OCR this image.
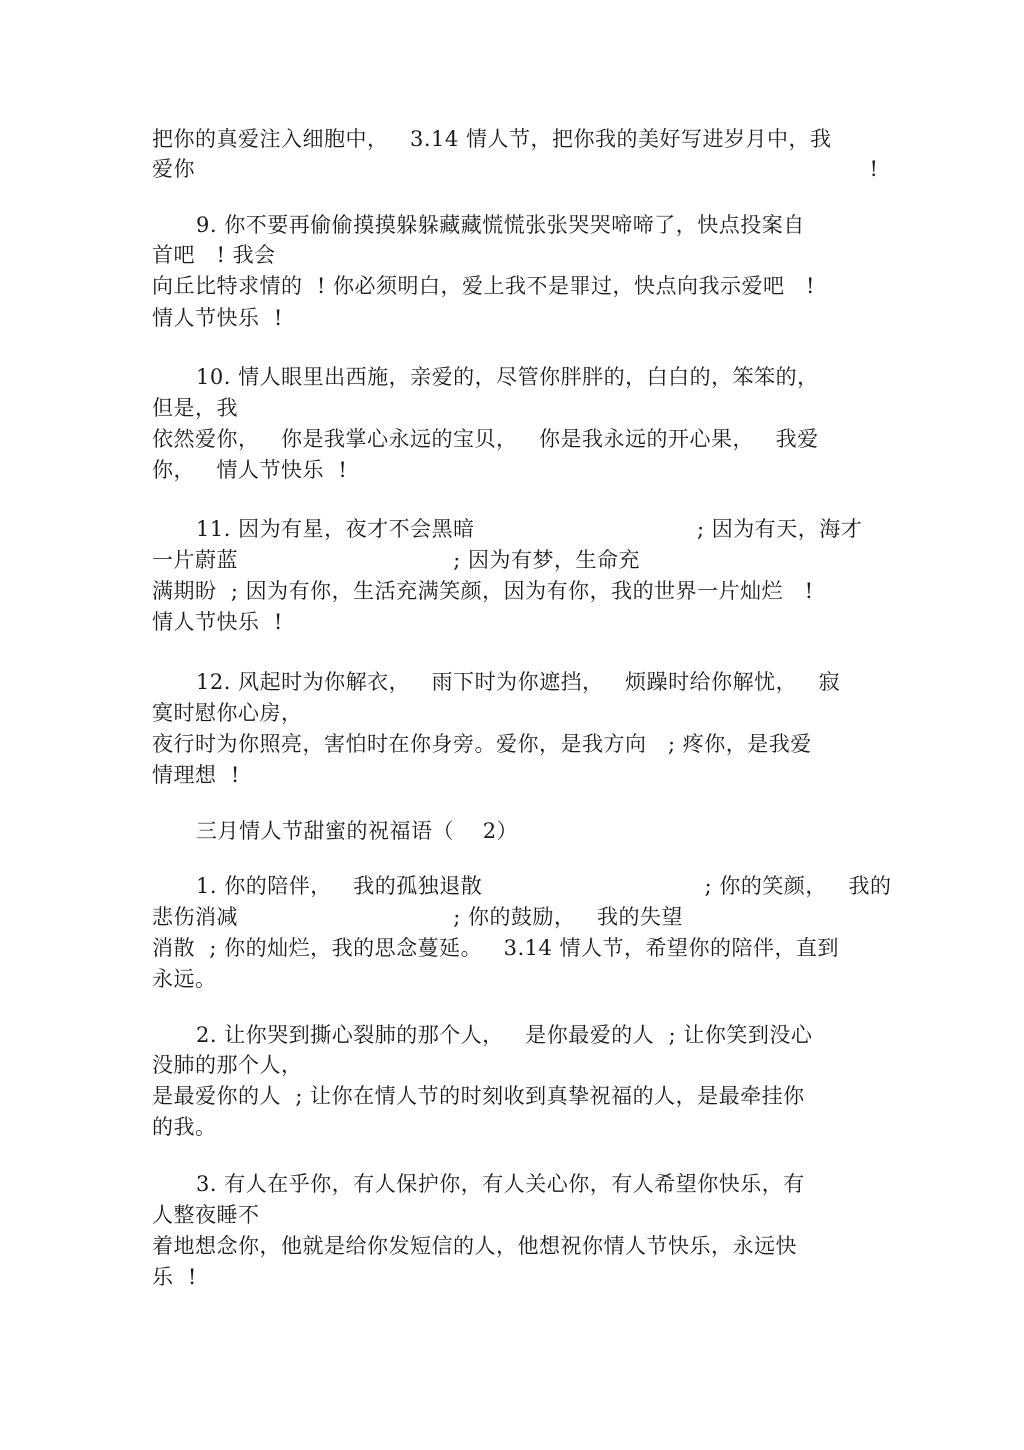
把你的真爱注入细胞中，   3.14 情人节，把你我的美好写进岁月中，我
爱你                                                                                              !
9. 你不要再偷偷摸摸躲躲藏藏慌慌张张哭哭啼啼了，快点投案自
首吧   ! 我会
向丘比特求情的  ! 你必须明白，爱上我不是罪过，快点向我示爱吧   !
情人节快乐  !
10. 情人眼里出西施，亲爱的，尽管你胖胖的，白白的，笨笨的，
但是，我
依然爱你，   你是我掌心永远的宝贝，   你是我永远的开心果，   我爱
你，   情人节快乐  !
11. 因为有星，夜才不会黑暗                               ; 因为有天，海才
一片蔚蓝                              ; 因为有梦，生命充
满期盼  ; 因为有你，生活充满笑颜，因为有你，我的世界一片灿烂   !
情人节快乐  !
12. 风起时为你解衣，   雨下时为你遮挡，   烦躁时给你解忧，   寂
寞时慰你心房，
夜行时为你照亮，害怕时在你身旁。爱你，是我方向   ; 疼你，是我爱
情理想  !
三月情人节甜蜜的祝福语（    2）
1. 你的陪伴，   我的孤独退散                               ; 你的笑颜，   我的
悲伤消减                              ; 你的鼓励，   我的失望
消散  ; 你的灿烂，我的思念蔓延。   3.14 情人节，希望你的陪伴，直到
永远。
2. 让你哭到撕心裂肺的那个人，   是你最爱的人  ; 让你笑到没心
没肺的那个人，
是最爱你的人  ; 让你在情人节的时刻收到真挚祝福的人，是最牵挂你
的我。
3. 有人在乎你，有人保护你，有人关心你，有人希望你快乐，有
人整夜睡不
着地想念你，他就是给你发短信的人，他想祝你情人节快乐，永远快
乐  !
